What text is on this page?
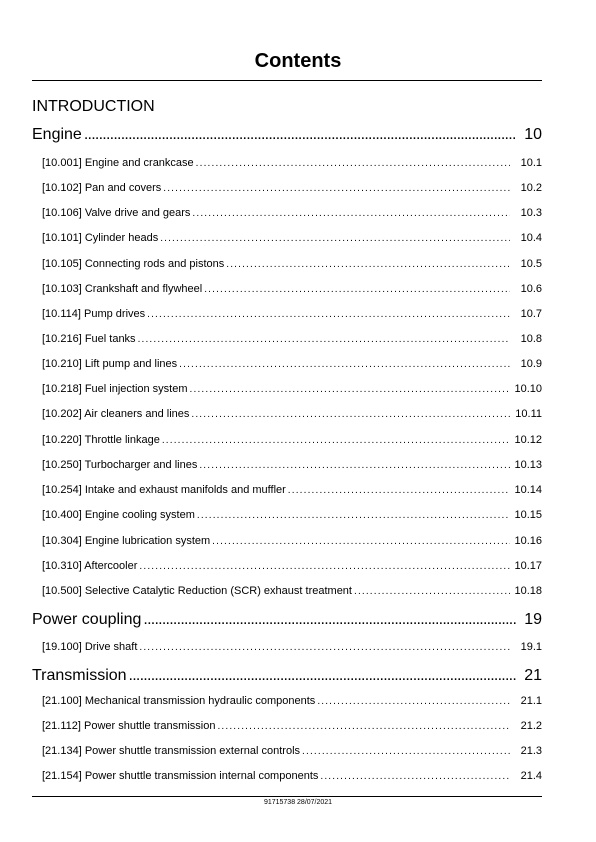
Contents
INTRODUCTION
91715738 28/07/2021
Engine . . .	10
[10.001] Engine and crankcase . . .	10.1
[10.102] Pan and covers . . .	10.2
[10.106] Valve drive and gears . . .	10.3
[10.101] Cylinder heads . . .	10.4
[10.105] Connecting rods and pistons . . .	10.5
[10.103] Crankshaft and flywheel . . .	10.6
[10.114] Pump drives . . .	10.7
[10.216] Fuel tanks . . .	10.8
[10.210] Lift pump and lines . . .	10.9
[10.218] Fuel injection system . . .	10.10
[10.202] Air cleaners and lines . . .	10.11
[10.220] Throttle linkage . . .	10.12
[10.250] Turbocharger and lines . . .	10.13
[10.254] Intake and exhaust manifolds and muffler . . .	10.14
[10.400] Engine cooling system . . .	10.15
[10.304] Engine lubrication system . . .	10.16
[10.310] Aftercooler . . .	10.17
[10.500] Selective Catalytic Reduction (SCR) exhaust treatment . . .	10.18
Power coupling . . .	19
[19.100] Drive shaft . . .	19.1
Transmission . . .	21
[21.100] Mechanical transmission hydraulic components . . .	21.1
[21.112] Power shuttle transmission . . .	21.2
[21.134] Power shuttle transmission external controls . . .	21.3
[21.154] Power shuttle transmission internal components . . .	21.4
